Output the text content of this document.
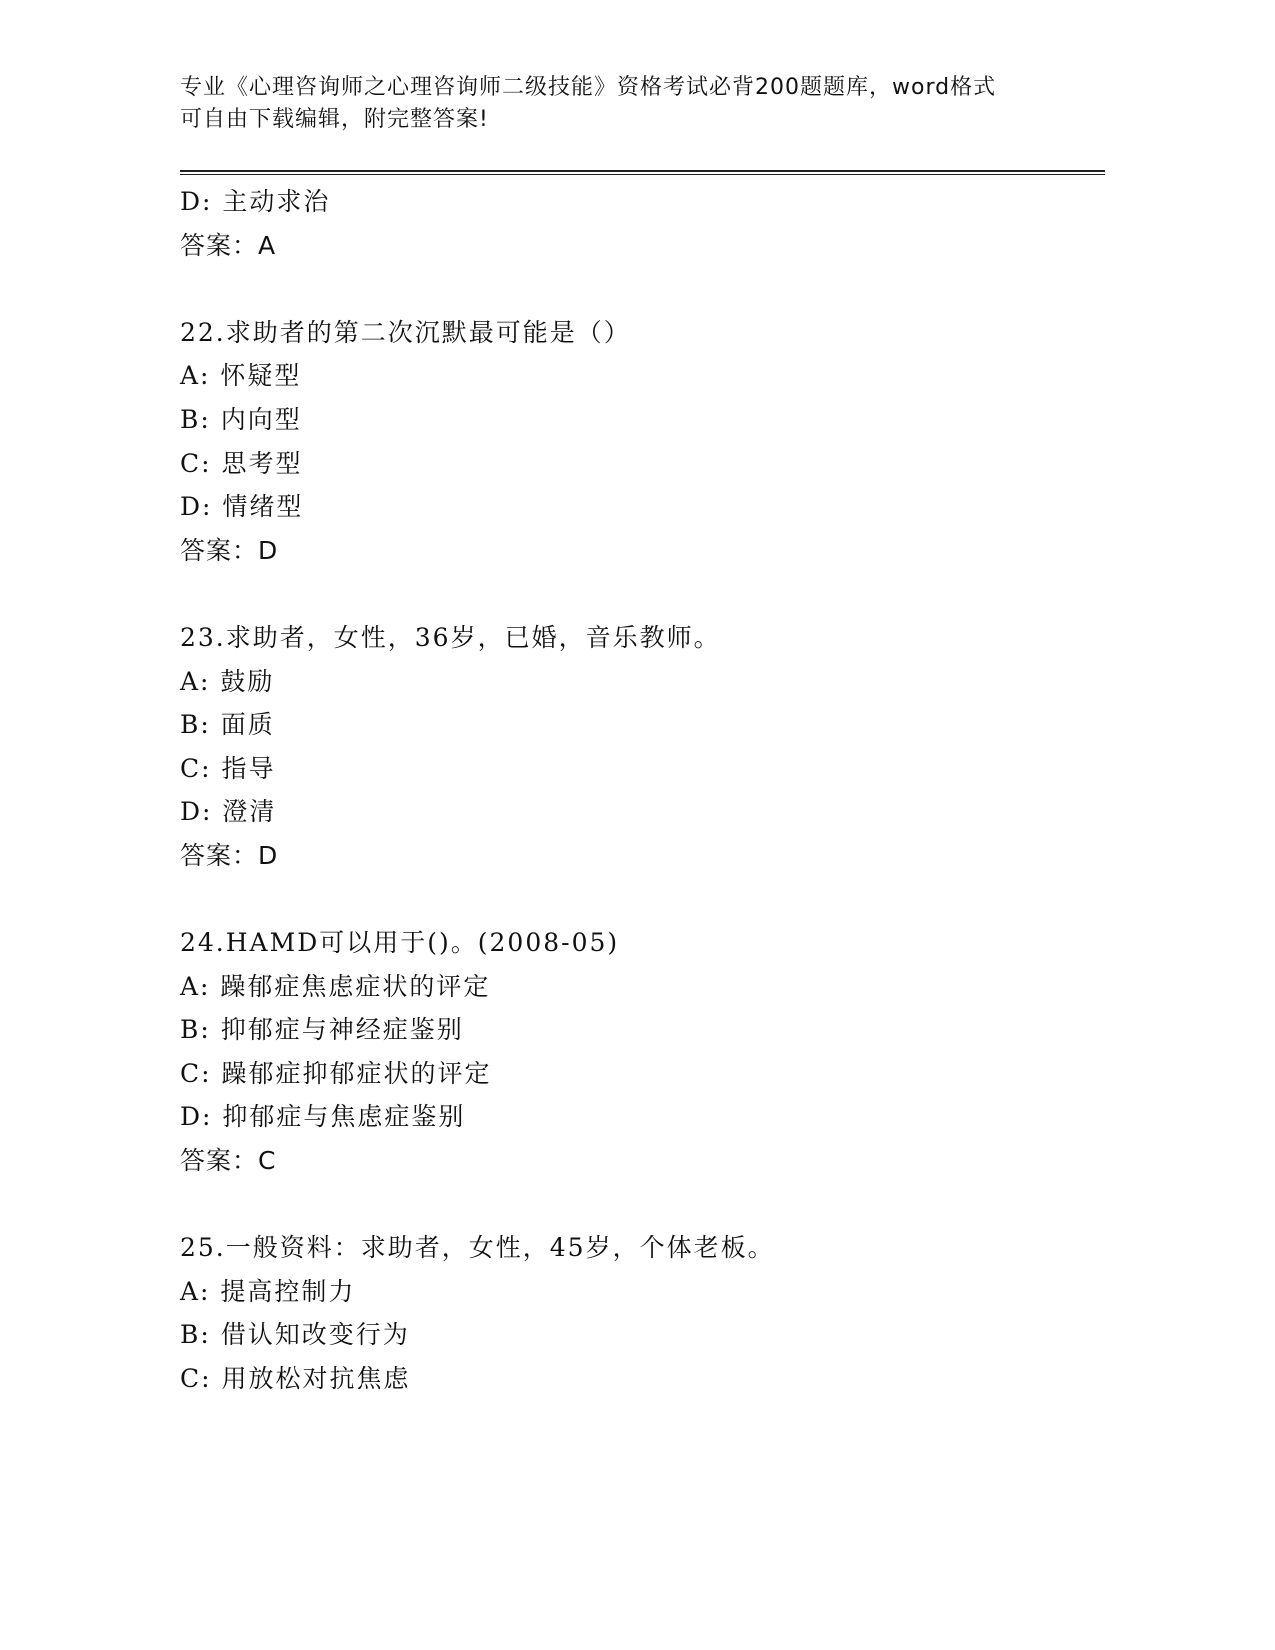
专业《心理咨询师之心理咨询师二级技能》资格考试必背200题题库，word格式
可自由下载编辑，附完整答案!
D: 主动求治
答案：A
22.求助者的第二次沉默最可能是（）
A: 怀疑型
B: 内向型
C: 思考型
D: 情绪型
答案：D
23.求助者，女性，36岁，已婚，音乐教师。
A: 鼓励
B: 面质
C: 指导
D: 澄清
答案：D
24.HAMD可以用于()。(2008-05)
A: 躁郁症焦虑症状的评定
B: 抑郁症与神经症鉴别
C: 躁郁症抑郁症状的评定
D: 抑郁症与焦虑症鉴别
答案：C
25.一般资料：求助者，女性，45岁，个体老板。
A: 提高控制力
B: 借认知改变行为
C: 用放松对抗焦虑
